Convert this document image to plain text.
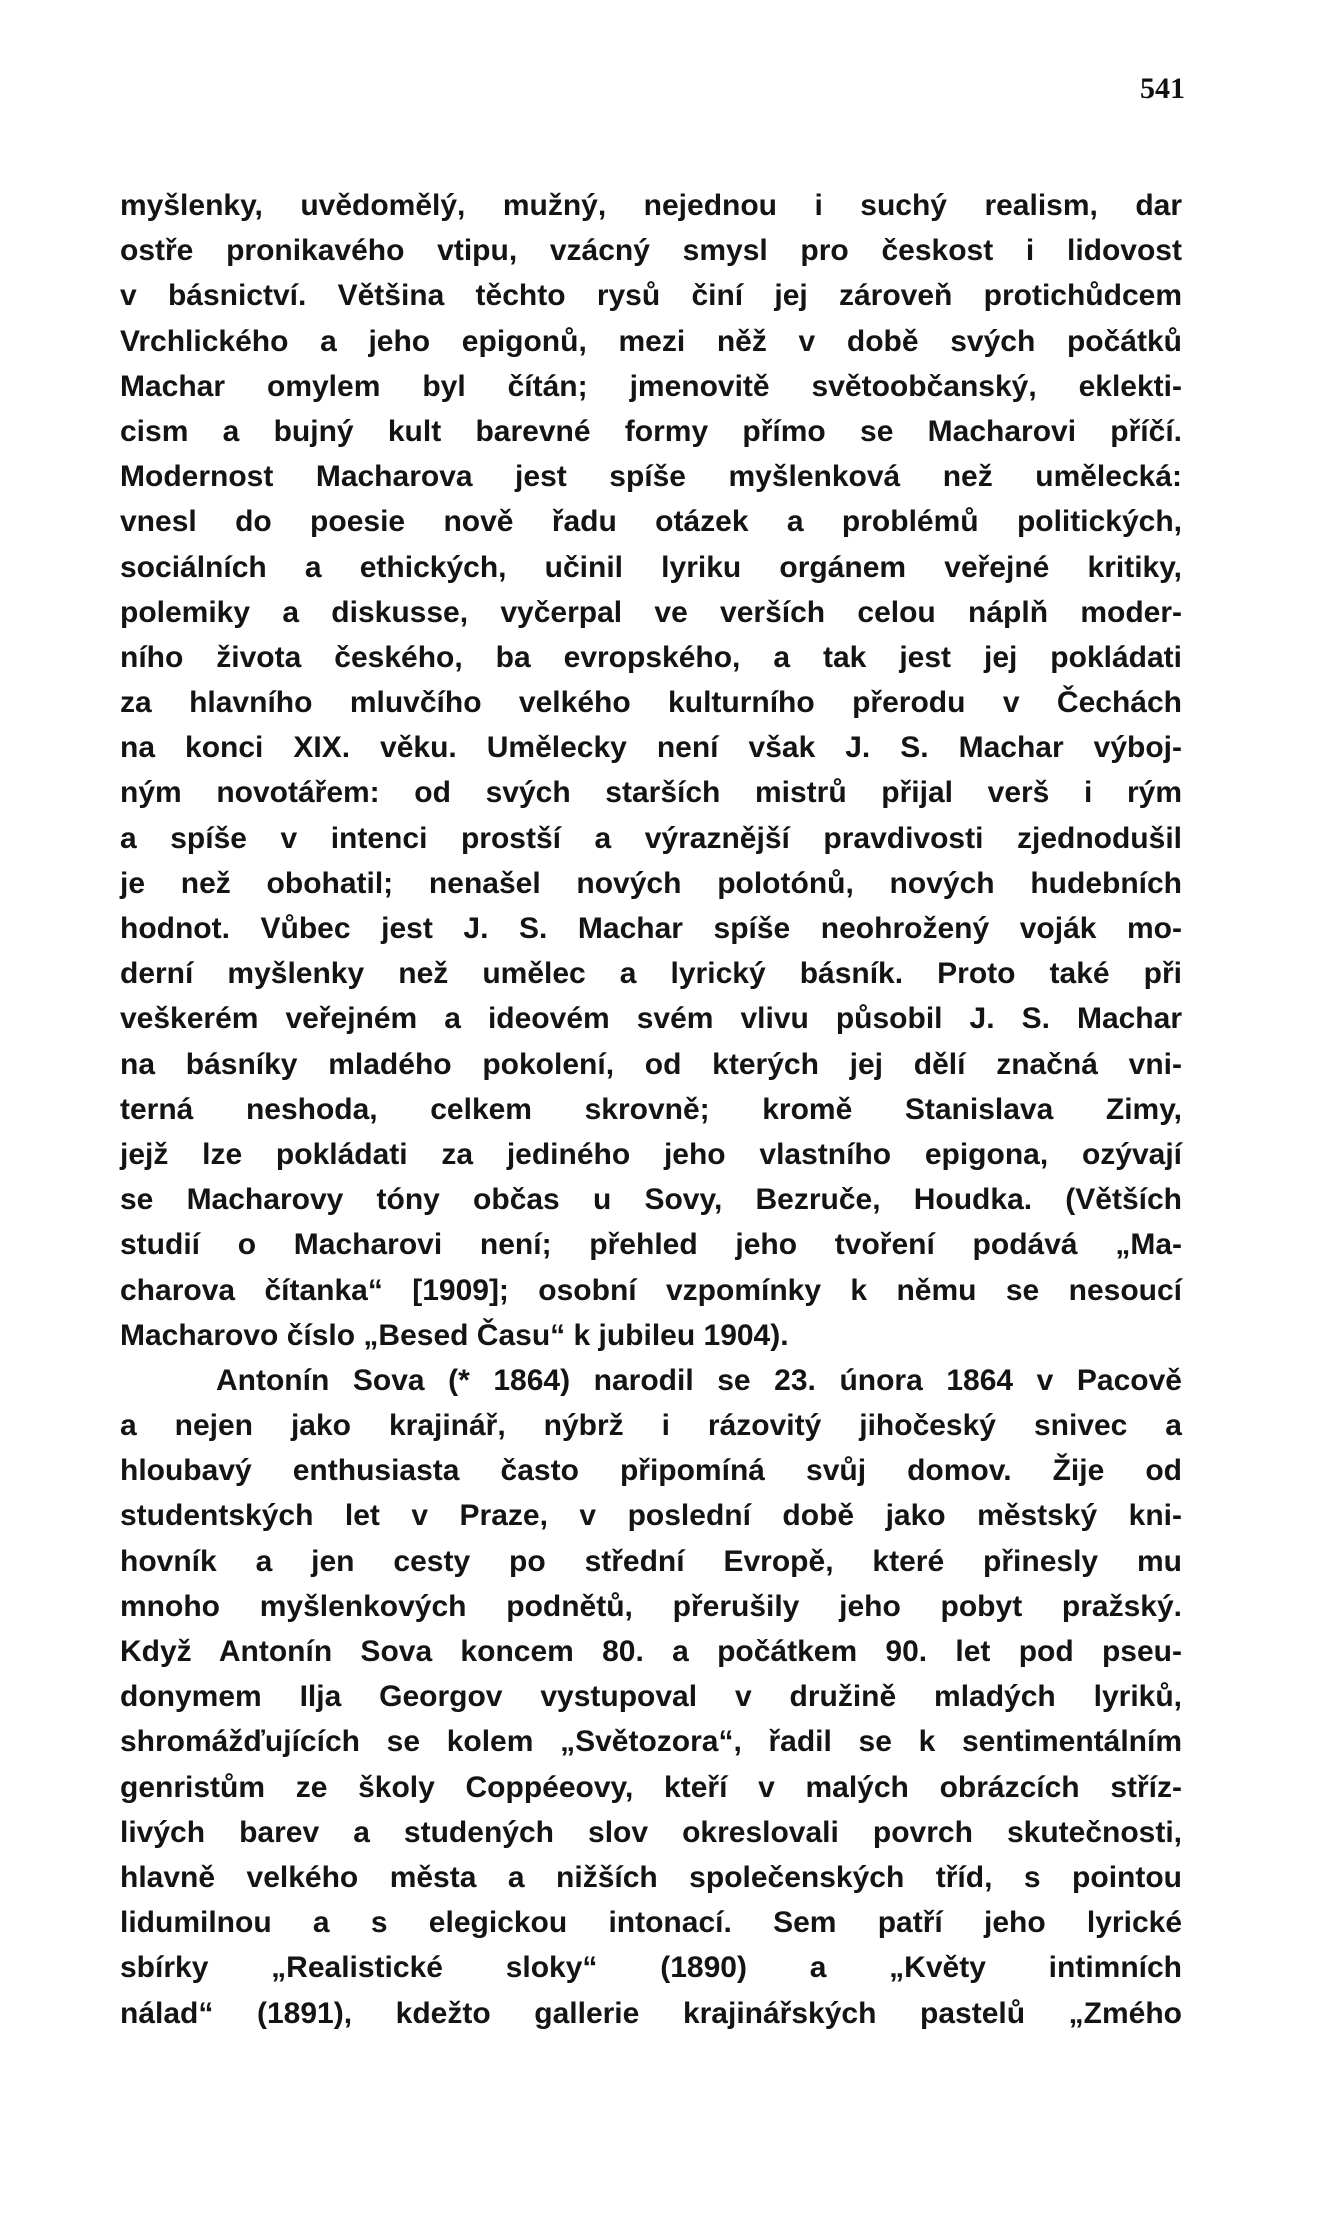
541
myšlenky, uvědomělý, mužný, nejednou i suchý realism, dar
ostře pronikavého vtipu, vzácný smysl pro českost i lidovost
v básnictví. Většina těchto rysů činí jej zároveň protichůdcem
Vrchlického a jeho epigonů, mezi něž v době svých počátků
Machar omylem byl čítán; jmenovitě světoobčanský, eklekti-
cism a bujný kult barevné formy přímo se Macharovi příčí.
Modernost Macharova jest spíše myšlenková než umělecká:
vnesl do poesie nově řadu otázek a problémů politických,
sociálních a ethických, učinil lyriku orgánem veřejné kritiky,
polemiky a diskusse, vyčerpal ve verších celou náplň moder-
ního života českého, ba evropského, a tak jest jej pokládati
za hlavního mluvčího velkého kulturního přerodu v Čechách
na konci XIX. věku. Umělecky není však J. S. Machar výboj-
ným novotářem: od svých starších mistrů přijal verš i rým
a spíše v intenci prostší a výraznější pravdivosti zjednodušil
je než obohatil; nenašel nových polotónů, nových hudebních
hodnot. Vůbec jest J. S. Machar spíše neohrožený voják mo-
derní myšlenky než umělec a lyrický básník. Proto také při
veškerém veřejném a ideovém svém vlivu působil J. S. Machar
na básníky mladého pokolení, od kterých jej dělí značná vni-
terná neshoda, celkem skrovně; kromě Stanislava Zimy,
jejž lze pokládati za jediného jeho vlastního epigona, ozývají
se Macharovy tóny občas u Sovy, Bezruče, Houdka. (Větších
studií o Macharovi není; přehled jeho tvoření podává „Ma-
charova čítanka“ [1909]; osobní vzpomínky k němu se nesoucí
Macharovo číslo „Besed Času“ k jubileu 1904).
Antonín Sova (* 1864) narodil se 23. února 1864 v Pacově
a nejen jako krajinář, nýbrž i rázovitý jihočeský snivec a
hloubavý enthusiasta často připomíná svůj domov. Žije od
studentských let v Praze, v poslední době jako městský kni-
hovník a jen cesty po střední Evropě, které přinesly mu
mnoho myšlenkových podnětů, přerušily jeho pobyt pražský.
Když Antonín Sova koncem 80. a počátkem 90. let pod pseu-
donymem Ilja Georgov vystupoval v družině mladých lyriků,
shromážďujících se kolem „Světozora“, řadil se k sentimentálním
genristům ze školy Coppéeovy, kteří v malých obrázcích stříz-
livých barev a studených slov okreslovali povrch skutečnosti,
hlavně velkého města a nižších společenských tříd, s pointou
lidumilnou a s elegickou intonací. Sem patří jeho lyrické
sbírky „Realistické sloky“ (1890) a „Květy intimních
nálad“ (1891), kdežto gallerie krajinářských pastelů „Zmého
